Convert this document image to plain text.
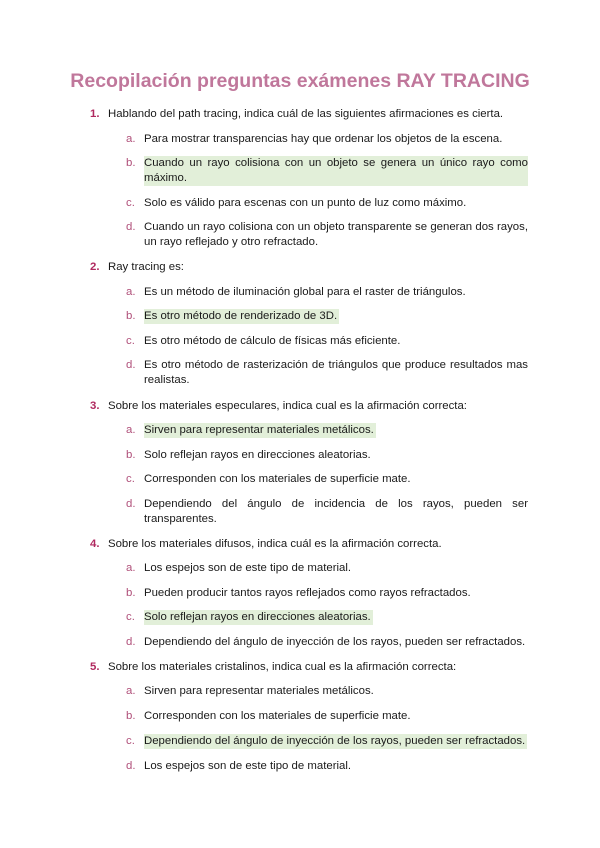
Recopilación preguntas exámenes RAY TRACING
1. Hablando del path tracing, indica cuál de las siguientes afirmaciones es cierta.
a. Para mostrar transparencias hay que ordenar los objetos de la escena.
b. Cuando un rayo colisiona con un objeto se genera un único rayo como máximo.
c. Solo es válido para escenas con un punto de luz como máximo.
d. Cuando un rayo colisiona con un objeto transparente se generan dos rayos, un rayo reflejado y otro refractado.
2. Ray tracing es:
a. Es un método de iluminación global para el raster de triángulos.
b. Es otro método de renderizado de 3D.
c. Es otro método de cálculo de físicas más eficiente.
d. Es otro método de rasterización de triángulos que produce resultados mas realistas.
3. Sobre los materiales especulares, indica cual es la afirmación correcta:
a. Sirven para representar materiales metálicos.
b. Solo reflejan rayos en direcciones aleatorias.
c. Corresponden con los materiales de superficie mate.
d. Dependiendo del ángulo de incidencia de los rayos, pueden ser transparentes.
4. Sobre los materiales difusos, indica cuál es la afirmación correcta.
a. Los espejos son de este tipo de material.
b. Pueden producir tantos rayos reflejados como rayos refractados.
c. Solo reflejan rayos en direcciones aleatorias.
d. Dependiendo del ángulo de inyección de los rayos, pueden ser refractados.
5. Sobre los materiales cristalinos, indica cual es la afirmación correcta:
a. Sirven para representar materiales metálicos.
b. Corresponden con los materiales de superficie mate.
c. Dependiendo del ángulo de inyección de los rayos, pueden ser refractados.
d. Los espejos son de este tipo de material.
